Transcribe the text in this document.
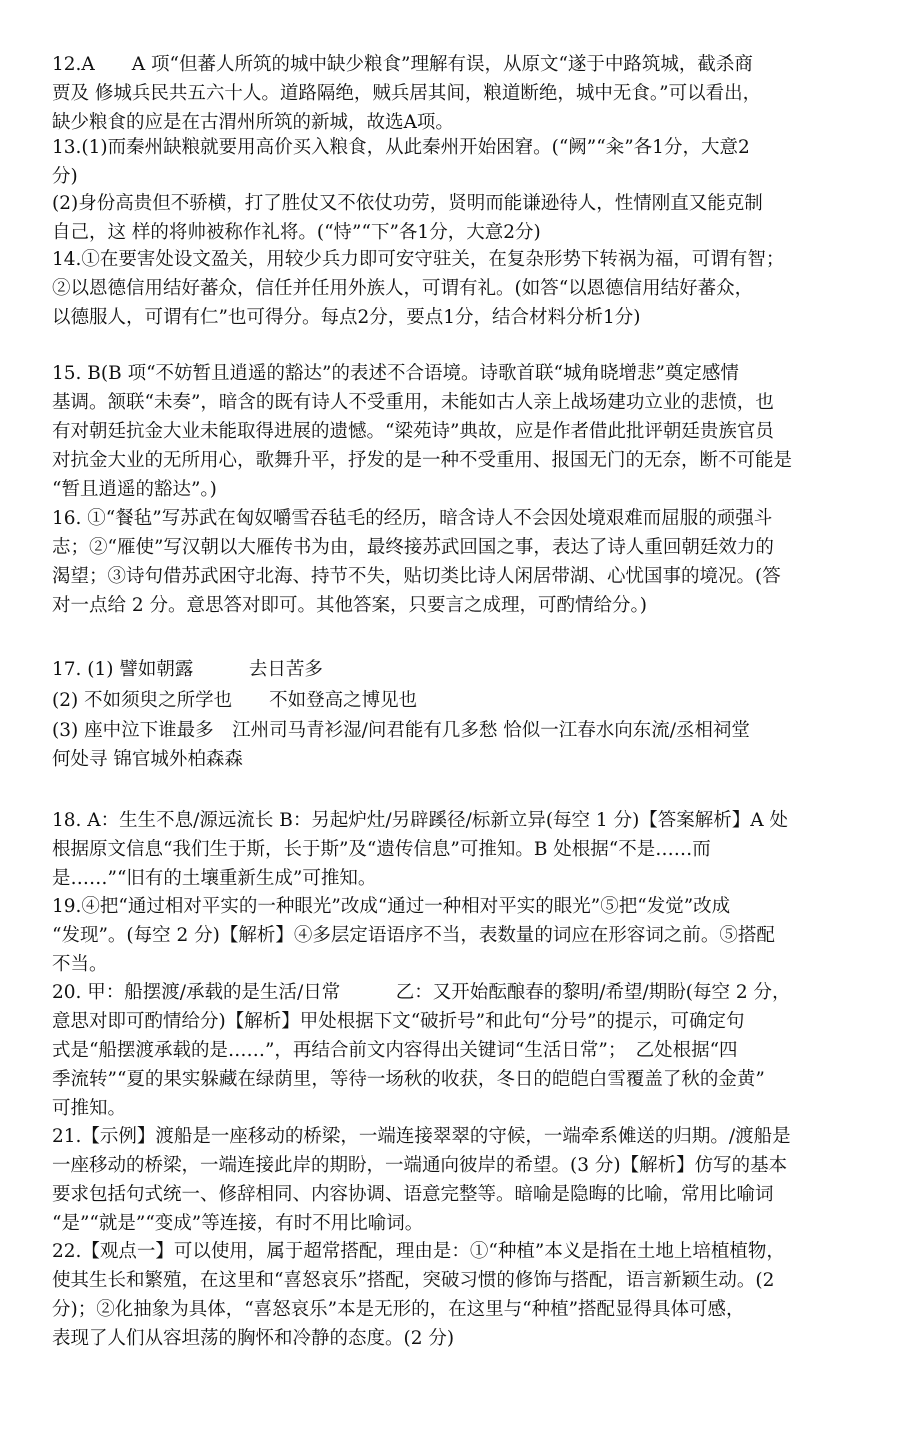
12.A　　A 项“但蕃人所筑的城中缺少粮食”理解有误，从原文“遂于中路筑城，截杀商
贾及 修城兵民共五六十人。道路隔绝，贼兵居其间，粮道断绝，城中无食。”可以看出，
缺少粮食的应是在古渭州所筑的新城，故选A项。
13.(1)而秦州缺粮就要用高价买入粮食，从此秦州开始困窘。(“阙”“籴”各1分，大意2
分)
(2)身份高贵但不骄横，打了胜仗又不依仗功劳，贤明而能谦逊待人，性情刚直又能克制
自己，这 样的将帅被称作礼将。(“恃”“下”各1分，大意2分)
14.①在要害处设文盈关，用较少兵力即可安守驻关，在复杂形势下转祸为福，可谓有智；
②以恩德信用结好蕃众，信任并任用外族人，可谓有礼。(如答“以恩德信用结好蕃众，
以德服人，可谓有仁”也可得分。每点2分，要点1分，结合材料分析1分)
15. B(B 项“不妨暂且逍遥的豁达”的表述不合语境。诗歌首联“城角晓增悲”奠定感情
基调。颔联“未奏”，暗含的既有诗人不受重用，未能如古人亲上战场建功立业的悲愤，也
有对朝廷抗金大业未能取得进展的遗憾。“梁苑诗”典故，应是作者借此批评朝廷贵族官员
对抗金大业的无所用心，歌舞升平，抒发的是一种不受重用、报国无门的无奈，断不可能是
“暂且逍遥的豁达”。)
16. ①“餐毡”写苏武在匈奴嚼雪吞毡毛的经历，暗含诗人不会因处境艰难而屈服的顽强斗
志；②“雁使”写汉朝以大雁传书为由，最终接苏武回国之事，表达了诗人重回朝廷效力的
渴望；③诗句借苏武困守北海、持节不失，贴切类比诗人闲居带湖、心忧国事的境况。(答
对一点给 2 分。意思答对即可。其他答案，只要言之成理，可酌情给分。)
17. (1) 譬如朝露　　　去日苦多
(2) 不如须臾之所学也　　不如登高之博见也
(3) 座中泣下谁最多　江州司马青衫湿/问君能有几多愁 恰似一江春水向东流/丞相祠堂
何处寻 锦官城外柏森森
18. A：生生不息/源远流长 B：另起炉灶/另辟蹊径/标新立异(每空 1 分)【答案解析】A 处
根据原文信息“我们生于斯，长于斯”及“遗传信息”可推知。B 处根据“不是……而
是……”“旧有的土壤重新生成”可推知。
19.④把“通过相对平实的一种眼光”改成“通过一种相对平实的眼光”⑤把“发觉”改成
“发现”。(每空 2 分)【解析】④多层定语语序不当，表数量的词应在形容词之前。⑤搭配
不当。
20. 甲：船摆渡/承载的是生活/日常　　　乙：又开始酝酿春的黎明/希望/期盼(每空 2 分，
意思对即可酌情给分)【解析】甲处根据下文“破折号”和此句“分号”的提示，可确定句
式是“船摆渡承载的是……”，再结合前文内容得出关键词“生活日常”；　乙处根据“四
季流转”“夏的果实躲藏在绿荫里，等待一场秋的收获，冬日的皑皑白雪覆盖了秋的金黄”
可推知。
21.【示例】渡船是一座移动的桥梁，一端连接翠翠的守候，一端牵系傩送的归期。/渡船是
一座移动的桥梁，一端连接此岸的期盼，一端通向彼岸的希望。(3 分)【解析】仿写的基本
要求包括句式统一、修辞相同、内容协调、语意完整等。暗喻是隐晦的比喻，常用比喻词
“是”“就是”“变成”等连接，有时不用比喻词。
22.【观点一】可以使用，属于超常搭配，理由是：①“种植”本义是指在土地上培植植物，
使其生长和繁殖，在这里和“喜怒哀乐”搭配，突破习惯的修饰与搭配，语言新颖生动。(2
分)；②化抽象为具体，“喜怒哀乐”本是无形的，在这里与“种植”搭配显得具体可感，
表现了人们从容坦荡的胸怀和冷静的态度。(2 分)
